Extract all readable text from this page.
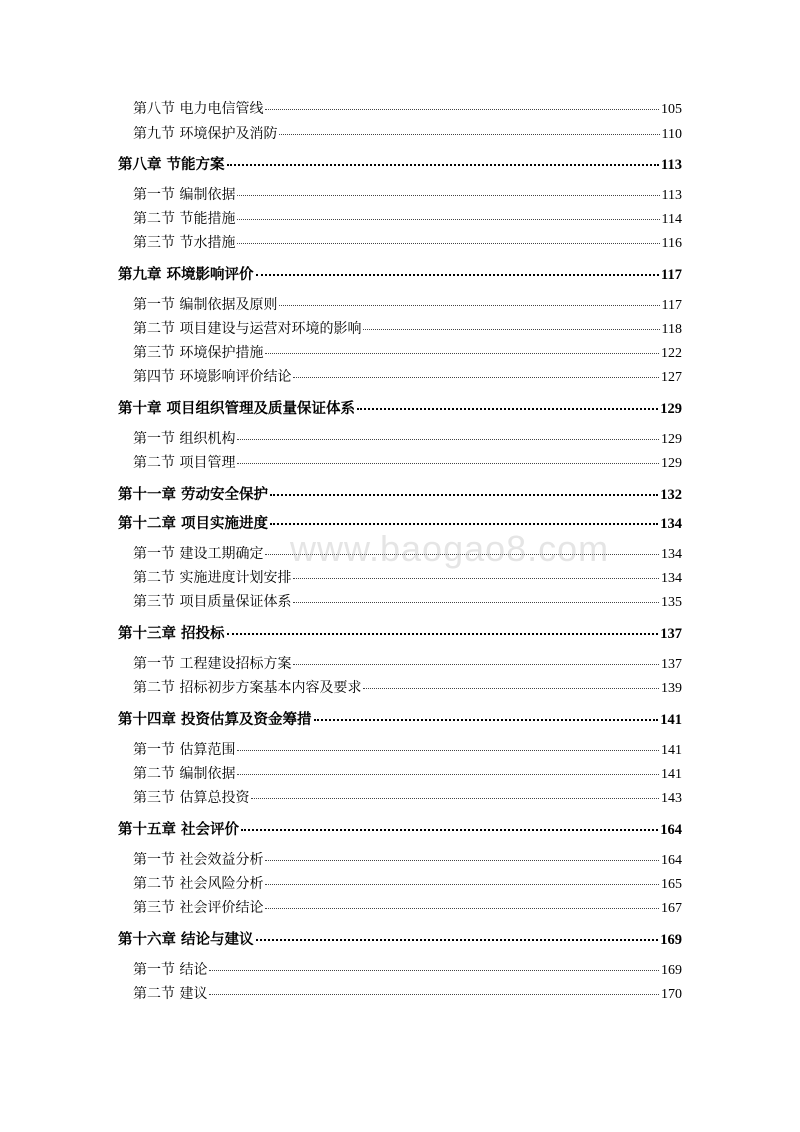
第八节 电力电信管线	105
第九节 环境保护及消防	110
第八章 节能方案	113
第一节 编制依据	113
第二节 节能措施	114
第三节 节水措施	116
第九章 环境影响评价	117
第一节 编制依据及原则	117
第二节 项目建设与运营对环境的影响	118
第三节 环境保护措施	122
第四节 环境影响评价结论	127
第十章 项目组织管理及质量保证体系	129
第一节 组织机构	129
第二节 项目管理	129
第十一章 劳动安全保护	132
第十二章 项目实施进度	134
第一节 建设工期确定	134
第二节 实施进度计划安排	134
第三节 项目质量保证体系	135
第十三章 招投标	137
第一节 工程建设招标方案	137
第二节 招标初步方案基本内容及要求	139
第十四章 投资估算及资金筹措	141
第一节 估算范围	141
第二节 编制依据	141
第三节 估算总投资	143
第十五章 社会评价	164
第一节 社会效益分析	164
第二节 社会风险分析	165
第三节 社会评价结论	167
第十六章 结论与建议	169
第一节 结论	169
第二节 建议	170
www.baogao8.com
